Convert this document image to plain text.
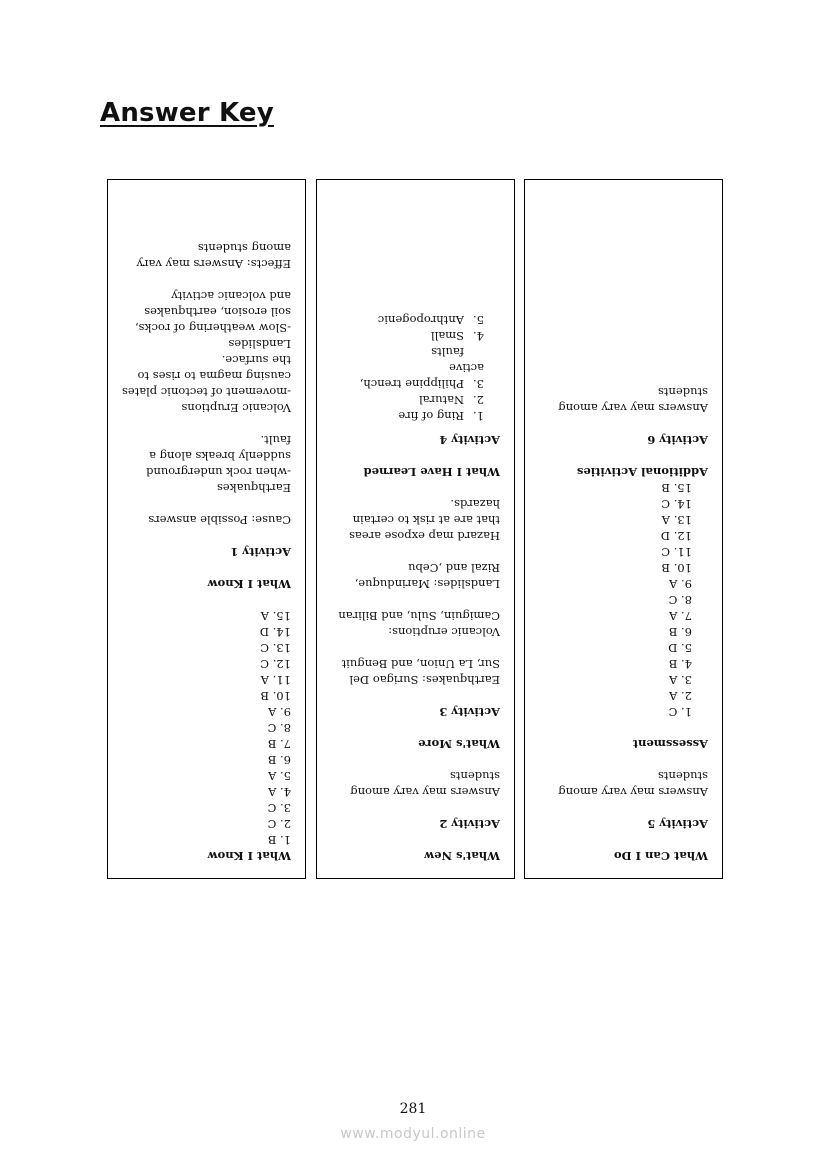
Answer Key

What I Know

1. B
2. C
3. C
4. A
5. A
6. B
7. B
8. C
9. A
10. B
11. A
12. C
13. C
14. D
15. A

What I Know

Activity 1

Cause: Possible answers

Earthquakes

-when rock underground

suddenly breaks along a

fault.

Volcanic Eruptions

-movement of tectonic plates

causing magma to rises to

the surface.

Landslides

-Slow weathering of rocks,

soil erosion, earthquakes

and volcanic activity

Effects: Answers may vary

among students

What's New

Activity 2

Answers may vary among

students

What's More

Activity 3

Earthquakes: Surigao Del

Sur, La Union, and Benguit

Volcanic eruptions:

Camiguin, Sulu, and Biliran

Landslides: Marinduque,

Rizal and ,Cebu

Hazard map expose areas

that are at risk to certain

hazards.

What I Have Learned

Activity 4

1.Ring of fire
2.Natural
3.Philippine trench, active
faults
4.Small
5.Anthropogenic

What Can I Do

Activity 5

Answers may vary among

students

Assessment

1. C
2. A
3. A
4. B
5. D
6. B
7. A
8. C
9. A
10. B
11. C
12. D
13. A
14. C
15. B

Additional Activities

Activity 6

Answers may vary among

students

281
www.modyul.online
